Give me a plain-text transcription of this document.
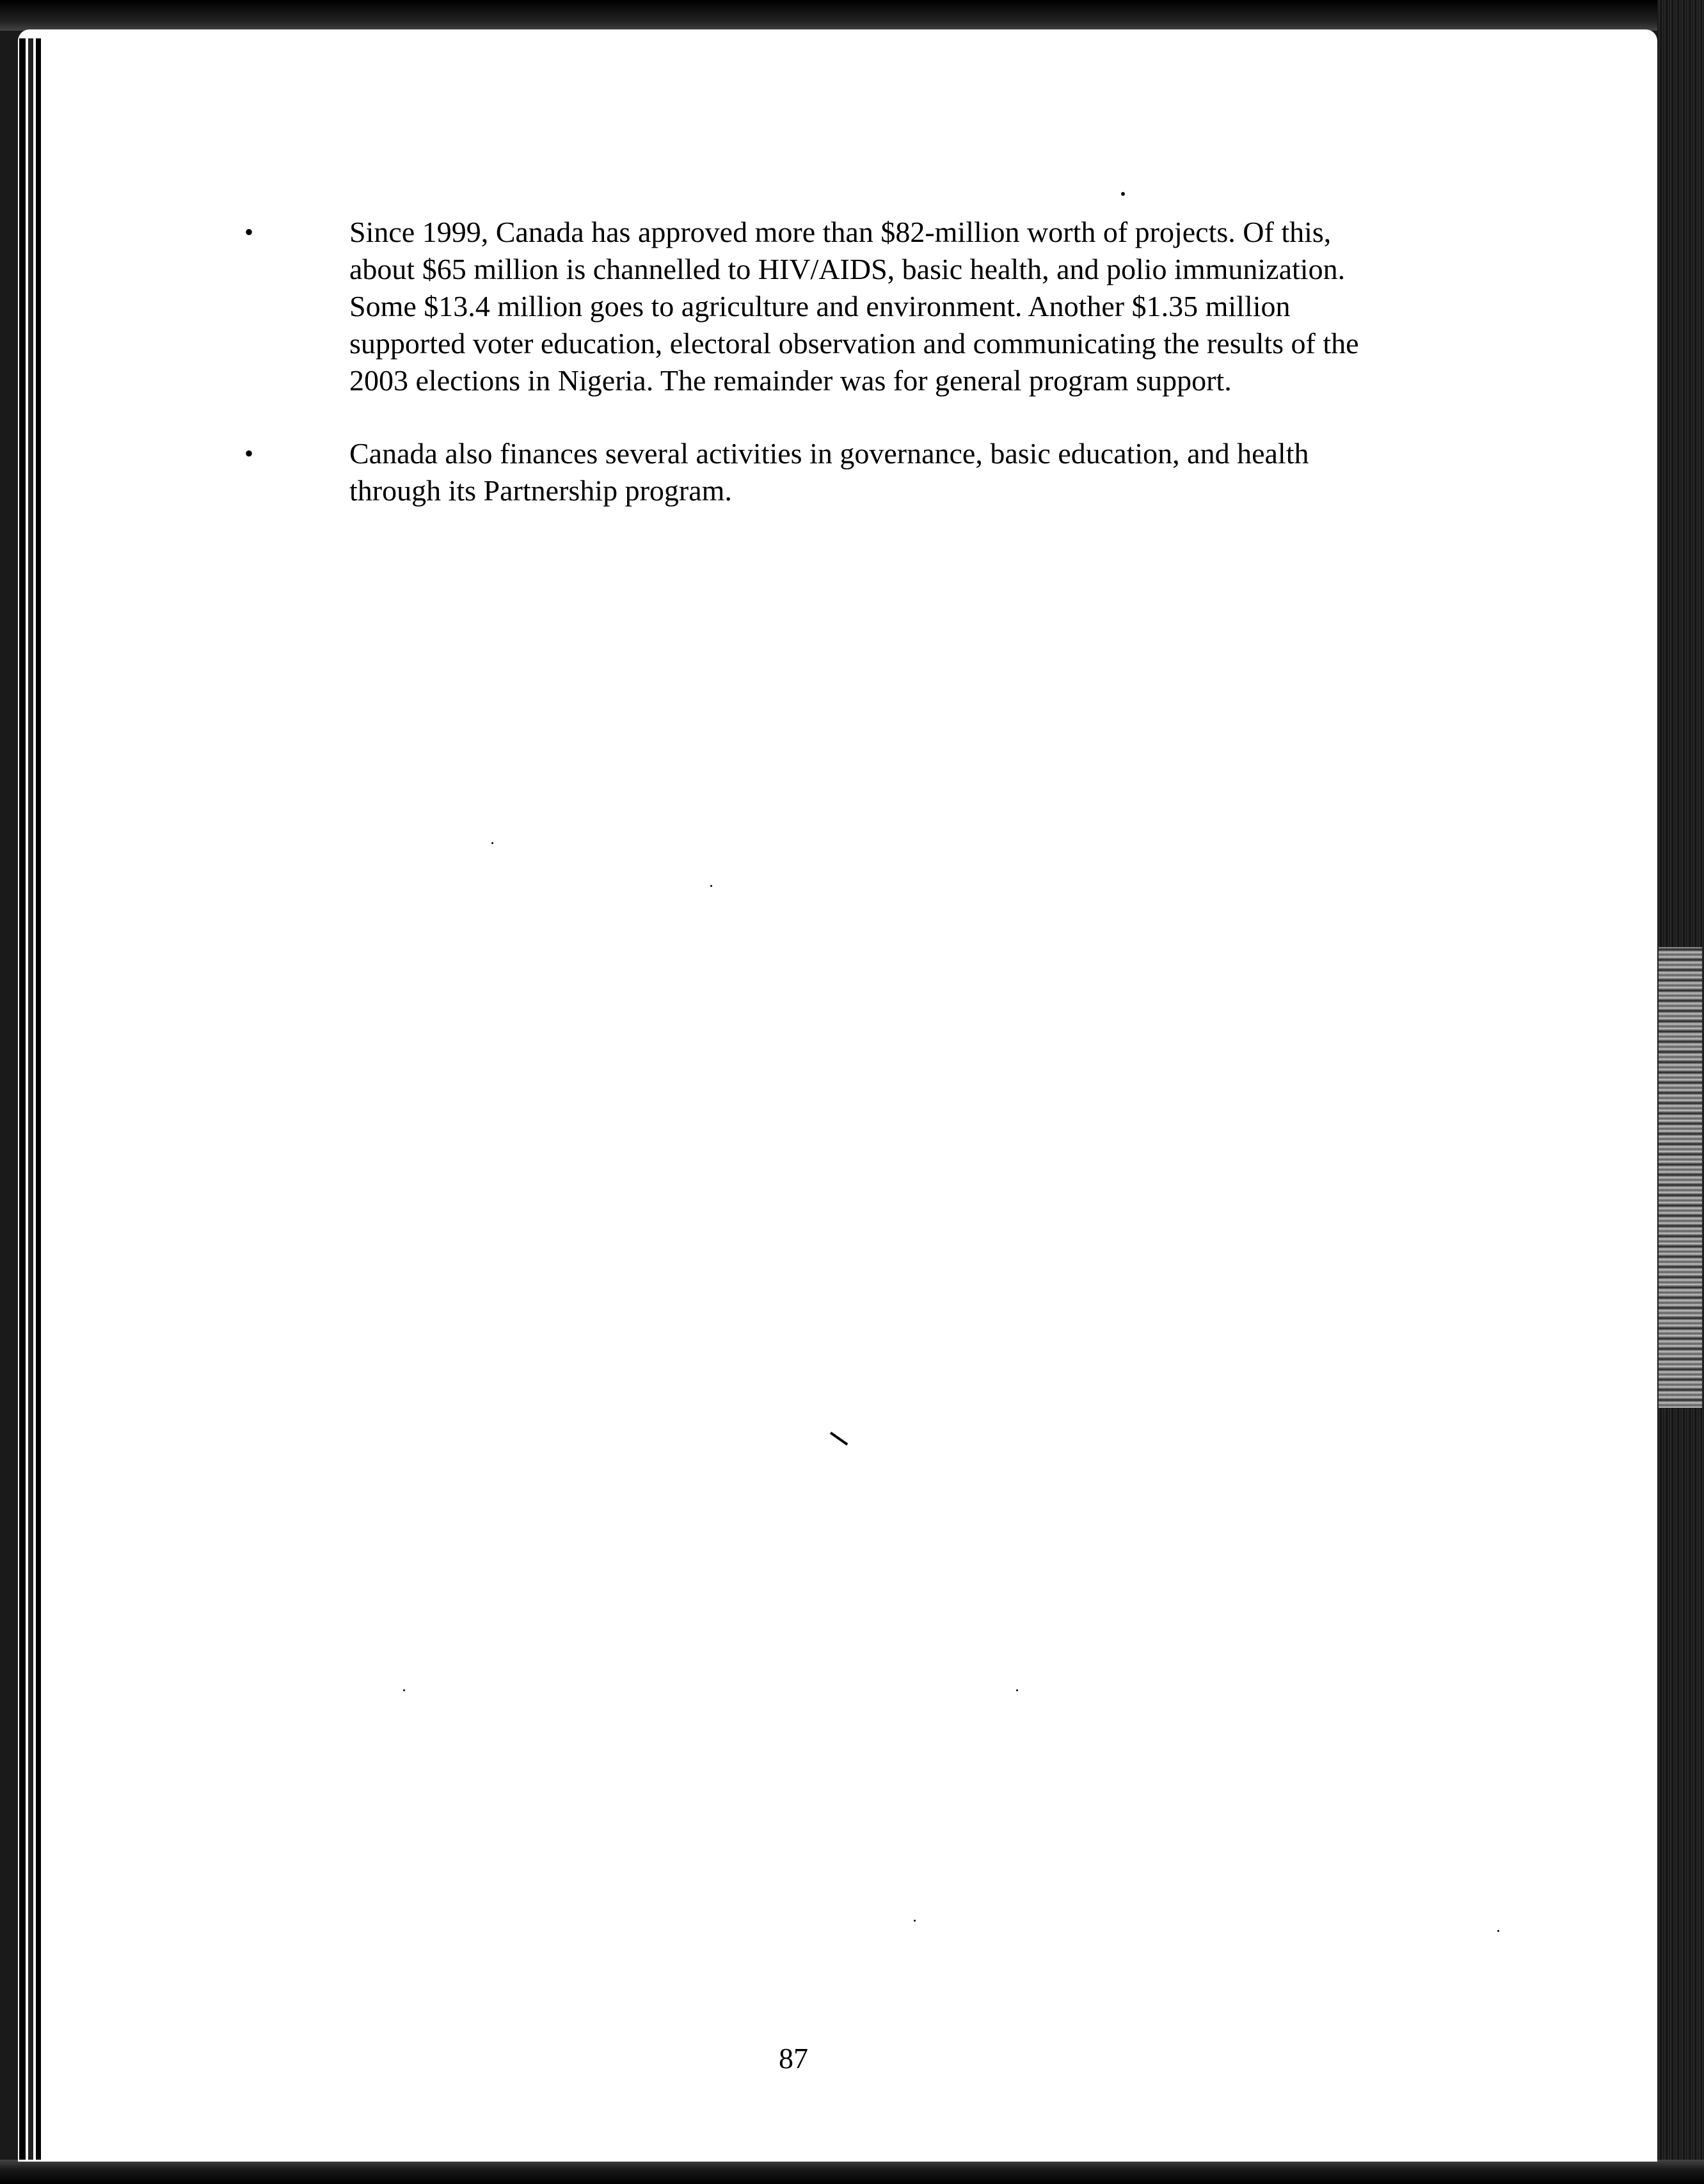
•	Since 1999, Canada has approved more than $82-million worth of projects. Of this, about $65 million is channelled to HIV/AIDS, basic health, and polio immunization. Some $13.4 million goes to agriculture and environment. Another $1.35 million supported voter education, electoral observation and communicating the results of the 2003 elections in Nigeria. The remainder was for general program support.
•	Canada also finances several activities in governance, basic education, and health through its Partnership program.
87
